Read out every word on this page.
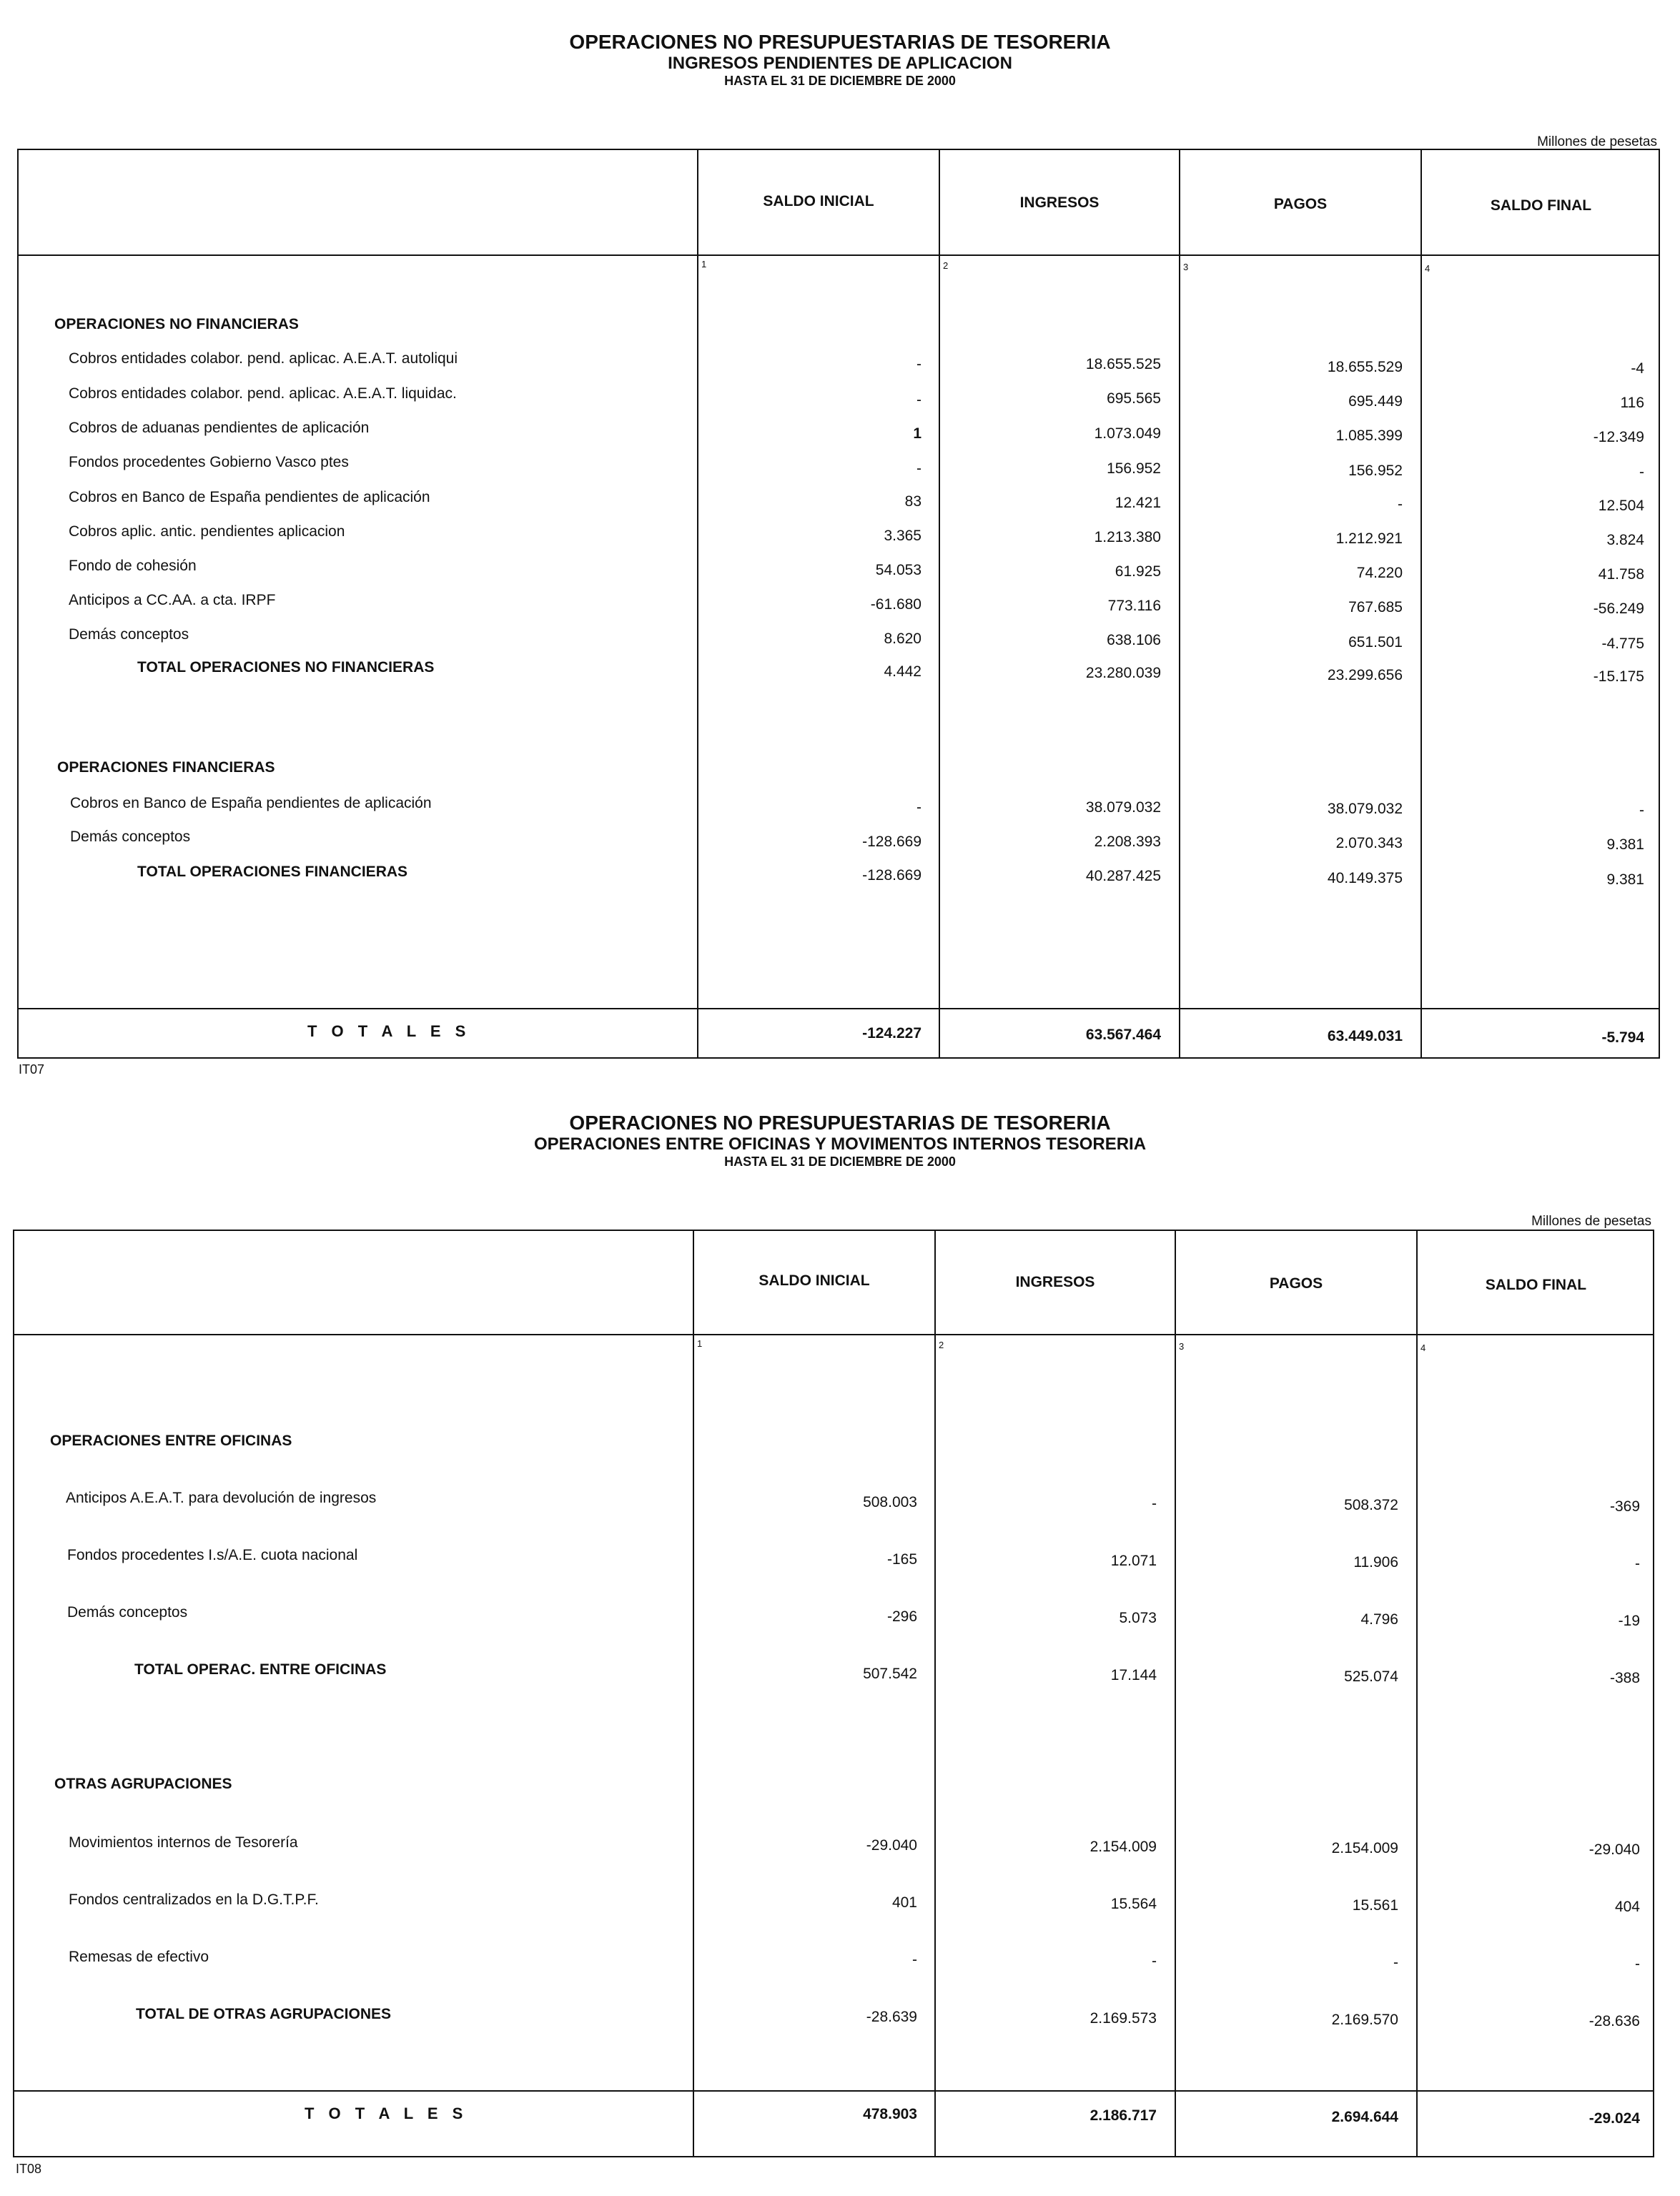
OPERACIONES NO PRESUPUESTARIAS DE TESORERIA
INGRESOS PENDIENTES DE APLICACION
HASTA EL 31 DE DICIEMBRE DE 2000
Millones de pesetas
SALDO INICIAL	INGRESOS	PAGOS	SALDO FINAL
1	2	3	4
OPERACIONES NO FINANCIERAS
Cobros entidades colabor. pend. aplicac. A.E.A.T. autoliqui	-	18.655.525	18.655.529	-4
Cobros entidades colabor. pend. aplicac. A.E.A.T. liquidac.	-	695.565	695.449	116
Cobros de aduanas pendientes de aplicación	1	1.073.049	1.085.399	-12.349
Fondos procedentes Gobierno Vasco ptes	-	156.952	156.952	-
Cobros en Banco de España pendientes de aplicación	83	12.421	-	12.504
Cobros aplic. antic. pendientes aplicacion	3.365	1.213.380	1.212.921	3.824
Fondo de cohesión	54.053	61.925	74.220	41.758
Anticipos a CC.AA. a cta. IRPF	-61.680	773.116	767.685	-56.249
Demás conceptos	8.620	638.106	651.501	-4.775
TOTAL OPERACIONES NO FINANCIERAS	4.442	23.280.039	23.299.656	-15.175
OPERACIONES FINANCIERAS
Cobros en Banco de España pendientes de aplicación	-	38.079.032	38.079.032	-
Demás conceptos	-128.669	2.208.393	2.070.343	9.381
TOTAL OPERACIONES FINANCIERAS	-128.669	40.287.425	40.149.375	9.381
T O T A L E S	-124.227	63.567.464	63.449.031	-5.794
IT07
OPERACIONES NO PRESUPUESTARIAS DE TESORERIA
OPERACIONES ENTRE OFICINAS Y MOVIMENTOS INTERNOS TESORERIA
HASTA EL 31 DE DICIEMBRE DE 2000
Millones de pesetas
SALDO INICIAL	INGRESOS	PAGOS	SALDO FINAL
1	2	3	4
OPERACIONES ENTRE OFICINAS
Anticipos A.E.A.T. para devolución de ingresos	508.003	-	508.372	-369
Fondos procedentes I.s/A.E. cuota nacional	-165	12.071	11.906	-
Demás conceptos	-296	5.073	4.796	-19
TOTAL OPERAC. ENTRE OFICINAS	507.542	17.144	525.074	-388
OTRAS AGRUPACIONES
Movimientos internos de Tesorería	-29.040	2.154.009	2.154.009	-29.040
Fondos centralizados en la D.G.T.P.F.	401	15.564	15.561	404
Remesas de efectivo	-	-	-	-
TOTAL DE OTRAS AGRUPACIONES	-28.639	2.169.573	2.169.570	-28.636
T O T A L E S	478.903	2.186.717	2.694.644	-29.024
IT08
